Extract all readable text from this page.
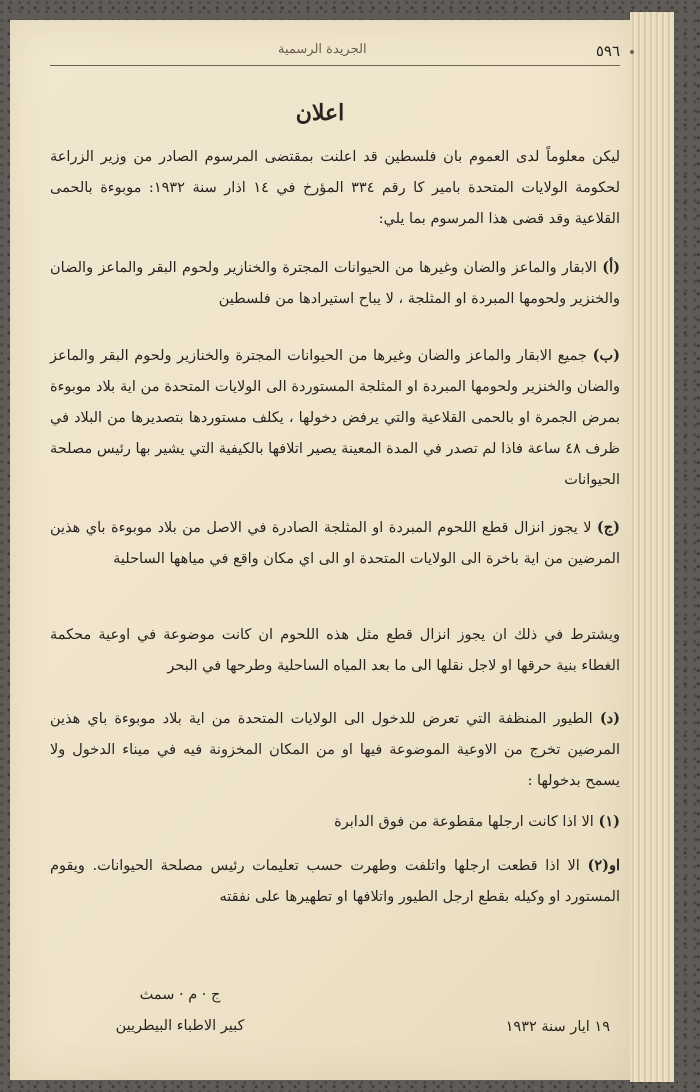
الجريدة الرسمية	٥٩٦
اعلان
ليكن معلوماً لدى العموم بان فلسطين قد اعلنت بمقتضى المرسوم الصادر من وزير الزراعة لحكومة الولايات المتحدة بامير كا رقم ٣٣٤ المؤرخ في ١٤ اذار سنة ١٩٣٢: موبوءة بالحمى القلاعية وقد قضى هذا المرسوم بما يلي:
(أ) الابقار والماعز والضان وغيرها من الحيوانات المجترة والخنازير ولحوم البقر والماعز والضان والخنزير ولحومها المبردة او المثلجة ، لا يباح استيرادها من فلسطين
(ب) جميع الابقار والماعز والضان وغيرها من الحيوانات المجترة والخنازير ولحوم البقر والماعز والضان والخنزير ولحومها المبردة او المثلجة المستوردة الى الولايات المتحدة من اية بلاد موبوءة بمرض الجمرة او بالحمى القلاعية والتي يرفض دخولها ، يكلف مستوردها بتصديرها من البلاد في ظرف ٤٨ ساعة فاذا لم تصدر في المدة المعينة يصير اتلافها بالكيفية التي يشير بها رئيس مصلحة الحيوانات
(ج) لا يجوز انزال قطع اللحوم المبردة او المثلجة الصادرة في الاصل من بلاد موبوءة باي هذين المرضين من اية باخرة الى الولايات المتحدة او الى اي مكان واقع في مياهها الساحلية
ويشترط في ذلك ان يجوز انزال قطع مثل هذه اللحوم ان كانت موضوعة في اوعية محكمة الغطاء بنية حرقها او لاجل نقلها الى ما بعد المياه الساحلية وطرحها في البحر
(د) الطيور المنظفة التي تعرض للدخول الى الولايات المتحدة من اية بلاد موبوءة باي هذين المرضين تخرج من الاوعية الموضوعة فيها او من المكان المخزونة فيه في ميناء الدخول ولا يسمح بدخولها :
(١) الا اذا كانت ارجلها مقطوعة من فوق الدابرة
او(٢) الا اذا قطعت ارجلها واتلفت وطهرت حسب تعليمات رئيس مصلحة الحيوانات. ويقوم المستورد او وكيله بقطع ارجل الطيور واتلافها او تطهيرها على نفقته
ج · م · سمث
كبير الاطباء البيطريين	١٩ ايار سنة ١٩٣٢
